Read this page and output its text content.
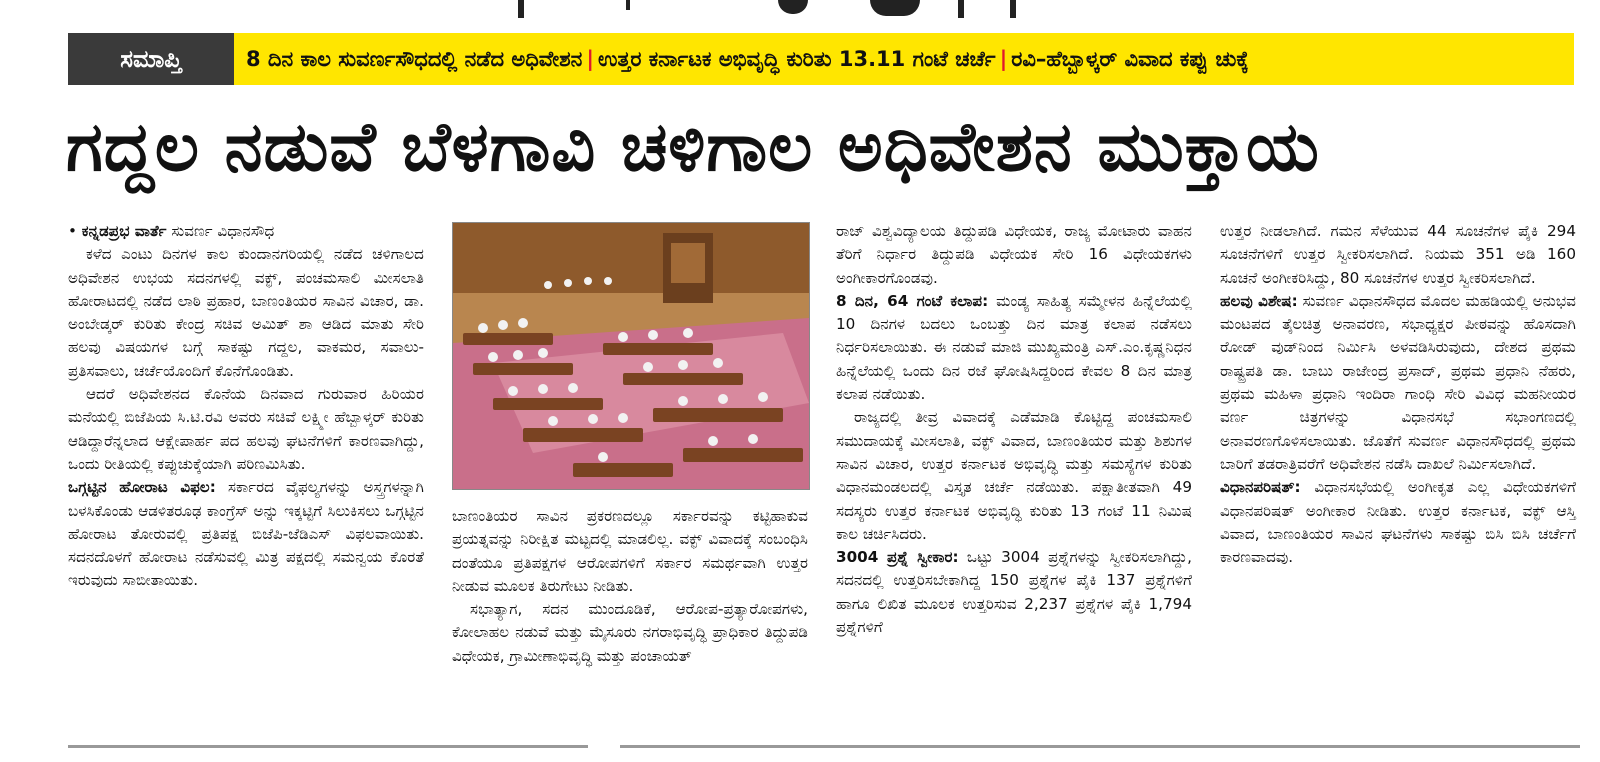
ಸಮಾಪ್ತಿ	8 ದಿನ ಕಾಲ ಸುವರ್ಣಸೌಧದಲ್ಲಿ ನಡೆದ ಅಧಿವೇಶನ | ಉತ್ತರ ಕರ್ನಾಟಕ ಅಭಿವೃದ್ಧಿ ಕುರಿತು 13.11 ಗಂಟೆ ಚರ್ಚೆ | ರವಿ–ಹೆಬ್ಬಾಳ್ಕರ್ ವಿವಾದ ಕಪ್ಪು ಚುಕ್ಕೆ
ಗದ್ದಲ ನಡುವೆ ಬೆಳಗಾವಿ ಚಳಿಗಾಲ ಅಧಿವೇಶನ ಮುಕ್ತಾಯ

• ಕನ್ನಡಪ್ರಭ ವಾರ್ತೆ ಸುವರ್ಣ ವಿಧಾನಸೌಧ

ಕಳೆದ ಎಂಟು ದಿನಗಳ ಕಾಲ ಕುಂದಾನಗರಿಯಲ್ಲಿ ನಡೆದ ಚಳಿಗಾಲದ ಅಧಿವೇಶನ ಉಭಯ ಸದನಗಳಲ್ಲಿ ವಕ್ಫ್, ಪಂಚಮಸಾಲಿ ಮೀಸಲಾತಿ ಹೋರಾಟದಲ್ಲಿ ನಡೆದ ಲಾಠಿ ಪ್ರಹಾರ, ಬಾಣಂತಿಯರ ಸಾವಿನ ವಿಚಾರ, ಡಾ. ಅಂಬೇಡ್ಕರ್ ಕುರಿತು ಕೇಂದ್ರ ಸಚಿವ ಅಮಿತ್ ಶಾ ಆಡಿದ ಮಾತು ಸೇರಿ ಹಲವು ವಿಷಯಗಳ ಬಗ್ಗೆ ಸಾಕಷ್ಟು ಗದ್ದಲ, ವಾಕಮರ, ಸವಾಲು-ಪ್ರತಿಸವಾಲು, ಚರ್ಚೆಯೊಂದಿಗೆ ಕೊನೆಗೊಂಡಿತು.

ಆದರೆ ಅಧಿವೇಶನದ ಕೊನೆಯ ದಿನವಾದ ಗುರುವಾರ ಹಿರಿಯರ ಮನೆಯಲ್ಲಿ ಬಿಜೆಪಿಯ ಸಿ.ಟಿ.ರವಿ ಅವರು ಸಚಿವೆ ಲಕ್ಷ್ಮೀ ಹೆಬ್ಬಾಳ್ಕರ್ ಕುರಿತು ಆಡಿದ್ದಾರೆನ್ನಲಾದ ಆಕ್ಷೇಪಾರ್ಹ ಪದ ಹಲವು ಘಟನೆಗಳಿಗೆ ಕಾರಣವಾಗಿದ್ದು, ಒಂದು ರೀತಿಯಲ್ಲಿ ಕಪ್ಪುಚುಕ್ಕೆಯಾಗಿ ಪರಿಣಮಿಸಿತು.

ಒಗ್ಗಟ್ಟಿನ ಹೋರಾಟ ವಿಫಲ: ಸರ್ಕಾರದ ವೈಫಲ್ಯಗಳನ್ನು ಅಸ್ತ್ರಗಳನ್ನಾಗಿ ಬಳಸಿಕೊಂಡು ಆಡಳಿತರೂಢ ಕಾಂಗ್ರೆಸ್ ಅನ್ನು ಇಕ್ಕಟ್ಟಿಗೆ ಸಿಲುಕಿಸಲು ಒಗ್ಗಟ್ಟಿನ ಹೋರಾಟ ತೋರುವಲ್ಲಿ ಪ್ರತಿಪಕ್ಷ ಬಿಜೆಪಿ-ಜೆಡಿಎಸ್ ವಿಫಲವಾಯಿತು. ಸದನದೊಳಗೆ ಹೋರಾಟ ನಡೆಸುವಲ್ಲಿ ಮಿತ್ರ ಪಕ್ಷದಲ್ಲಿ ಸಮನ್ವಯ ಕೊರತೆ ಇರುವುದು ಸಾಬೀತಾಯಿತು.

ಬಾಣಂತಿಯರ ಸಾವಿನ ಪ್ರಕರಣದಲ್ಲೂ ಸರ್ಕಾರವನ್ನು ಕಟ್ಟಿಹಾಕುವ ಪ್ರಯತ್ನವನ್ನು ನಿರೀಕ್ಷಿತ ಮಟ್ಟದಲ್ಲಿ ಮಾಡಲಿಲ್ಲ. ವಕ್ಫ್ ವಿವಾದಕ್ಕೆ ಸಂಬಂಧಿಸಿ ದಂತೆಯೂ ಪ್ರತಿಪಕ್ಷಗಳ ಆರೋಪಗಳಿಗೆ ಸರ್ಕಾರ ಸಮರ್ಥವಾಗಿ ಉತ್ತರ ನೀಡುವ ಮೂಲಕ ತಿರುಗೇಟು ನೀಡಿತು.

ಸಭಾತ್ಯಾಗ, ಸದನ ಮುಂದೂಡಿಕೆ, ಆರೋಪ-ಪ್ರತ್ಯಾರೋಪಗಳು, ಕೋಲಾಹಲ ನಡುವೆ ಮತ್ತು ಮೈಸೂರು ನಗರಾಭಿವೃದ್ಧಿ ಪ್ರಾಧಿಕಾರ ತಿದ್ದುಪಡಿ ವಿಧೇಯಕ, ಗ್ರಾಮೀಣಾಭಿವೃದ್ಧಿ ಮತ್ತು ಪಂಚಾಯತ್

ರಾಜ್ ವಿಶ್ವವಿದ್ಯಾಲಯ ತಿದ್ದುಪಡಿ ವಿಧೇಯಕ, ರಾಜ್ಯ ಮೋಟಾರು ವಾಹನ ತೆರಿಗೆ ನಿರ್ಧಾರ ತಿದ್ದುಪಡಿ ವಿಧೇಯಕ ಸೇರಿ 16 ವಿಧೇಯಕಗಳು ಅಂಗೀಕಾರಗೊಂಡವು.

8 ದಿನ, 64 ಗಂಟೆ ಕಲಾಪ: ಮಂಡ್ಯ ಸಾಹಿತ್ಯ ಸಮ್ಮೇಳನ ಹಿನ್ನೆಲೆಯಲ್ಲಿ 10 ದಿನಗಳ ಬದಲು ಒಂಬತ್ತು ದಿನ ಮಾತ್ರ ಕಲಾಪ ನಡೆಸಲು ನಿರ್ಧರಿಸಲಾಯಿತು. ಈ ನಡುವೆ ಮಾಜಿ ಮುಖ್ಯಮಂತ್ರಿ ಎಸ್.ಎಂ.ಕೃಷ್ಣನಿಧನ ಹಿನ್ನೆಲೆಯಲ್ಲಿ ಒಂದು ದಿನ ರಜೆ ಘೋಷಿಸಿದ್ದರಿಂದ ಕೇವಲ 8 ದಿನ ಮಾತ್ರ ಕಲಾಪ ನಡೆಯಿತು.

ರಾಜ್ಯದಲ್ಲಿ ತೀವ್ರ ವಿವಾದಕ್ಕೆ ಎಡೆಮಾಡಿ ಕೊಟ್ಟಿದ್ದ ಪಂಚಮಸಾಲಿ ಸಮುದಾಯಕ್ಕೆ ಮೀಸಲಾತಿ, ವಕ್ಫ್ ವಿವಾದ, ಬಾಣಂತಿಯರ ಮತ್ತು ಶಿಶುಗಳ ಸಾವಿನ ವಿಚಾರ, ಉತ್ತರ ಕರ್ನಾಟಕ ಅಭಿವೃದ್ಧಿ ಮತ್ತು ಸಮಸ್ಯೆಗಳ ಕುರಿತು ವಿಧಾನಮಂಡಲದಲ್ಲಿ ವಿಸ್ತೃತ ಚರ್ಚೆ ನಡೆಯಿತು. ಪಕ್ಷಾತೀತವಾಗಿ 49 ಸದಸ್ಯರು ಉತ್ತರ ಕರ್ನಾಟಕ ಅಭಿವೃದ್ಧಿ ಕುರಿತು 13 ಗಂಟೆ 11 ನಿಮಿಷ ಕಾಲ ಚರ್ಚಿಸಿದರು.

3004 ಪ್ರಶ್ನೆ ಸ್ವೀಕಾರ: ಒಟ್ಟು 3004 ಪ್ರಶ್ನೆಗಳನ್ನು ಸ್ವೀಕರಿಸಲಾಗಿದ್ದು, ಸದನದಲ್ಲಿ ಉತ್ತರಿಸಬೇಕಾಗಿದ್ದ 150 ಪ್ರಶ್ನೆಗಳ ಪೈಕಿ 137 ಪ್ರಶ್ನೆಗಳಿಗೆ ಹಾಗೂ ಲಿಖಿತ ಮೂಲಕ ಉತ್ತರಿಸುವ 2,237 ಪ್ರಶ್ನೆಗಳ ಪೈಕಿ 1,794 ಪ್ರಶ್ನೆಗಳಿಗೆ

ಉತ್ತರ ನೀಡಲಾಗಿದೆ. ಗಮನ ಸೆಳೆಯುವ 44 ಸೂಚನೆಗಳ ಪೈಕಿ 294 ಸೂಚನೆಗಳಿಗೆ ಉತ್ತರ ಸ್ವೀಕರಿಸಲಾಗಿದೆ. ನಿಯಮ 351 ಅಡಿ 160 ಸೂಚನೆ ಅಂಗೀಕರಿಸಿದ್ದು, 80 ಸೂಚನೆಗಳ ಉತ್ತರ ಸ್ವೀಕರಿಸಲಾಗಿದೆ.

ಹಲವು ವಿಶೇಷ: ಸುವರ್ಣ ವಿಧಾನಸೌಧದ ಮೊದಲ ಮಹಡಿಯಲ್ಲಿ ಅನುಭವ ಮಂಟಪದ ತೈಲಚಿತ್ರ ಅನಾವರಣ, ಸಭಾಧ್ಯಕ್ಷರ ಪೀಠವನ್ನು ಹೊಸದಾಗಿ ರೋಡ್ ವುಡ್‌ನಿಂದ ನಿರ್ಮಿಸಿ ಅಳವಡಿಸಿರುವುದು, ದೇಶದ ಪ್ರಥಮ ರಾಷ್ಟ್ರಪತಿ ಡಾ. ಬಾಬು ರಾಜೇಂದ್ರ ಪ್ರಸಾದ್, ಪ್ರಥಮ ಪ್ರಧಾನಿ ನೆಹರು, ಪ್ರಥಮ ಮಹಿಳಾ ಪ್ರಧಾನಿ ಇಂದಿರಾ ಗಾಂಧಿ ಸೇರಿ ವಿವಿಧ ಮಹನೀಯರ ವರ್ಣ ಚಿತ್ರಗಳನ್ನು ವಿಧಾನಸಭೆ ಸಭಾಂಗಣದಲ್ಲಿ ಅನಾವರಣಗೊಳಿಸಲಾಯಿತು. ಜೊತೆಗೆ ಸುವರ್ಣ ವಿಧಾನಸೌಧದಲ್ಲಿ ಪ್ರಥಮ ಬಾರಿಗೆ ತಡರಾತ್ರಿವರೆಗೆ ಅಧಿವೇಶನ ನಡೆಸಿ ದಾಖಲೆ ನಿರ್ಮಿಸಲಾಗಿದೆ.

ವಿಧಾನಪರಿಷತ್: ವಿಧಾನಸಭೆಯಲ್ಲಿ ಅಂಗೀಕೃತ ಎಲ್ಲ ವಿಧೇಯಕಗಳಿಗೆ ವಿಧಾನಪರಿಷತ್ ಅಂಗೀಕಾರ ನೀಡಿತು. ಉತ್ತರ ಕರ್ನಾಟಕ, ವಕ್ಫ್ ಆಸ್ತಿ ವಿವಾದ, ಬಾಣಂತಿಯರ ಸಾವಿನ ಘಟನೆಗಳು ಸಾಕಷ್ಟು ಬಿಸಿ ಬಿಸಿ ಚರ್ಚೆಗೆ ಕಾರಣವಾದವು.
